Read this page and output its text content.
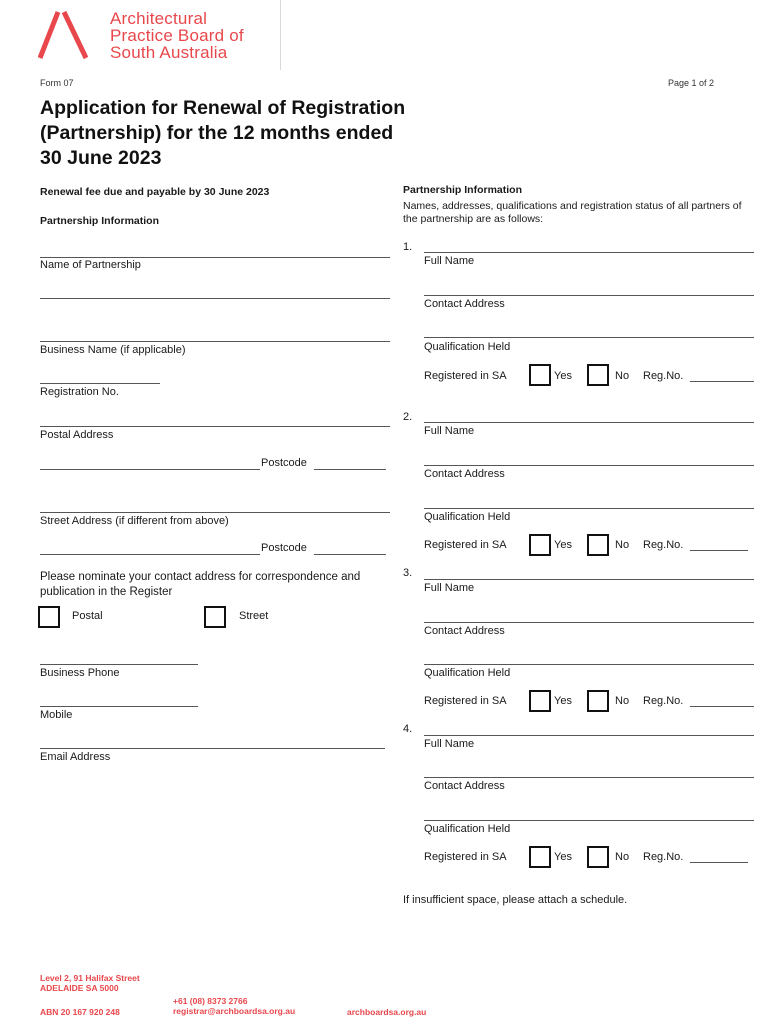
Architectural
Practice Board of
South Australia
Form 07	Page 1 of 2
Application for Renewal of Registration (Partnership) for the 12 months ended 30 June 2023
Renewal fee due and payable by 30 June 2023
Partnership Information
Name of Partnership
Business Name (if applicable)
Registration No.
Postal Address
Postcode
Street Address (if different from above)
Postcode
Please nominate your contact address for correspondence and publication in the Register
Postal	Street
Business Phone
Mobile
Email Address
Partnership Information
Names, addresses, qualifications and registration status of all partners of the partnership are as follows:
1.
Full Name
Contact Address
Qualification Held
Registered in SA	Yes	No Reg.No.
2.
Full Name
Contact Address
Qualification Held
Registered in SA	Yes	No Reg.No.
3.
Full Name
Contact Address
Qualification Held
Registered in SA	Yes	No Reg.No.
4.
Full Name
Contact Address
Qualification Held
Registered in SA	Yes	No Reg.No.
If insufficient space, please attach a schedule.
Level 2, 91 Halifax Street
ADELAIDE SA 5000
ABN 20 167 920 248
+61 (08) 8373 2766
registrar@archboardsa.org.au	archboardsa.org.au
